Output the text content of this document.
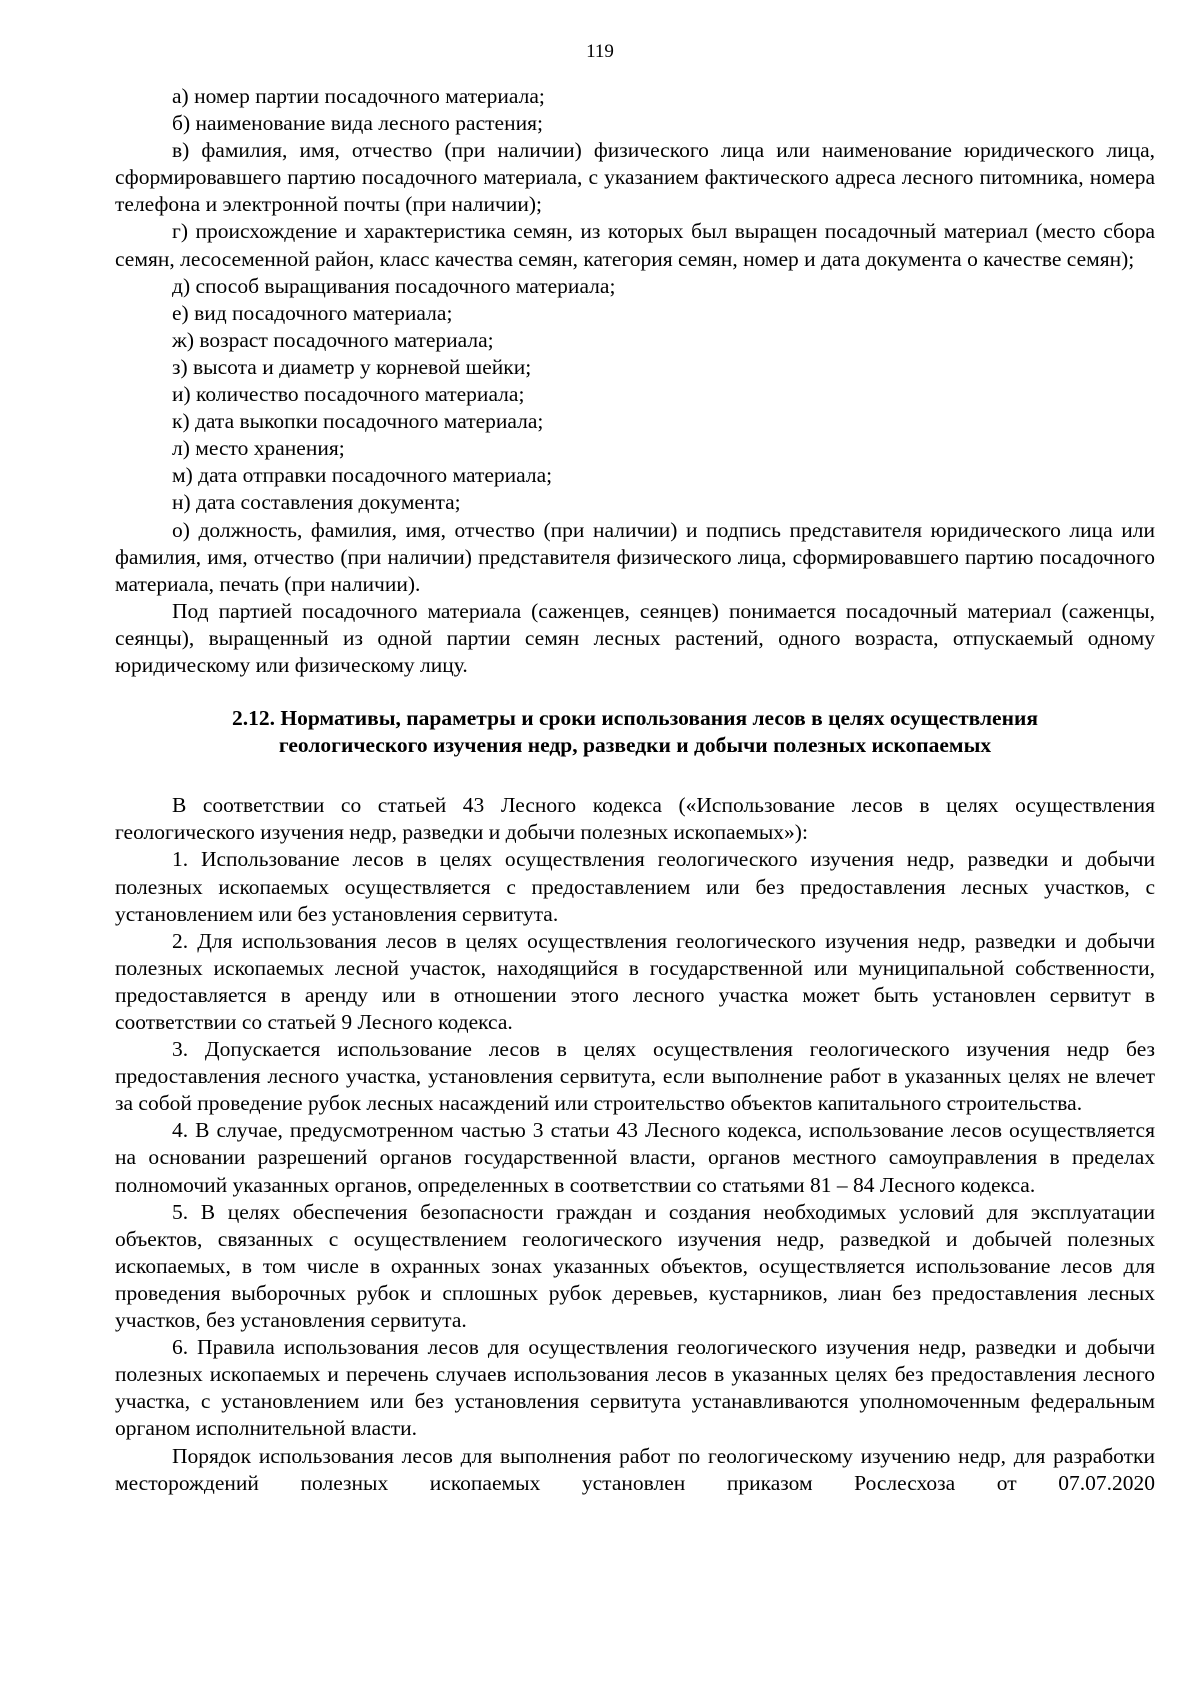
119

а) номер партии посадочного материала;

б) наименование вида лесного растения;

в) фамилия, имя, отчество (при наличии) физического лица или наименование юридического лица, сформировавшего партию посадочного материала, с указанием фактического адреса лесного питомника, номера телефона и электронной почты (при наличии);

г) происхождение и характеристика семян, из которых был выращен посадочный материал (место сбора семян, лесосеменной район, класс качества семян, категория семян, номер и дата документа о качестве семян);

д) способ выращивания посадочного материала;

е) вид посадочного материала;

ж) возраст посадочного материала;

з) высота и диаметр у корневой шейки;

и) количество посадочного материала;

к) дата выкопки посадочного материала;

л) место хранения;

м) дата отправки посадочного материала;

н) дата составления документа;

о) должность, фамилия, имя, отчество (при наличии) и подпись представителя юридического лица или фамилия, имя, отчество (при наличии) представителя физического лица, сформировавшего партию посадочного материала, печать (при наличии).

Под партией посадочного материала (саженцев, сеянцев) понимается посадочный материал (саженцы, сеянцы), выращенный из одной партии семян лесных растений, одного возраста, отпускаемый одному юридическому или физическому лицу.

2.12. Нормативы, параметры и сроки использования лесов в целях осуществления
геологического изучения недр, разведки и добычи полезных ископаемых

В соответствии со статьей 43 Лесного кодекса («Использование лесов в целях осуществления геологического изучения недр, разведки и добычи полезных ископаемых»):

1. Использование лесов в целях осуществления геологического изучения недр, разведки и добычи полезных ископаемых осуществляется с предоставлением или без предоставления лесных участков, с установлением или без установления сервитута.

2. Для использования лесов в целях осуществления геологического изучения недр, разведки и добычи полезных ископаемых лесной участок, находящийся в государственной или муниципальной собственности, предоставляется в аренду или в отношении этого лесного участка может быть установлен сервитут в соответствии со статьей 9 Лесного кодекса.

3. Допускается использование лесов в целях осуществления геологического изучения недр без предоставления лесного участка, установления сервитута, если выполнение работ в указанных целях не влечет за собой проведение рубок лесных насаждений или строительство объектов капитального строительства.

4. В случае, предусмотренном частью 3 статьи 43 Лесного кодекса, использование лесов осуществляется на основании разрешений органов государственной власти, органов местного самоуправления в пределах полномочий указанных органов, определенных в соответствии со статьями 81 – 84 Лесного кодекса.

5. В целях обеспечения безопасности граждан и создания необходимых условий для эксплуатации объектов, связанных с осуществлением геологического изучения недр, разведкой и добычей полезных ископаемых, в том числе в охранных зонах указанных объектов, осуществляется использование лесов для проведения выборочных рубок и сплошных рубок деревьев, кустарников, лиан без предоставления лесных участков, без установления сервитута.

6. Правила использования лесов для осуществления геологического изучения недр, разведки и добычи полезных ископаемых и перечень случаев использования лесов в указанных целях без предоставления лесного участка, с установлением или без установления сервитута устанавливаются уполномоченным федеральным органом исполнительной власти.

Порядок использования лесов для выполнения работ по геологическому изучению недр, для разработки месторождений полезных ископаемых установлен приказом Рослесхоза от 07.07.2020
